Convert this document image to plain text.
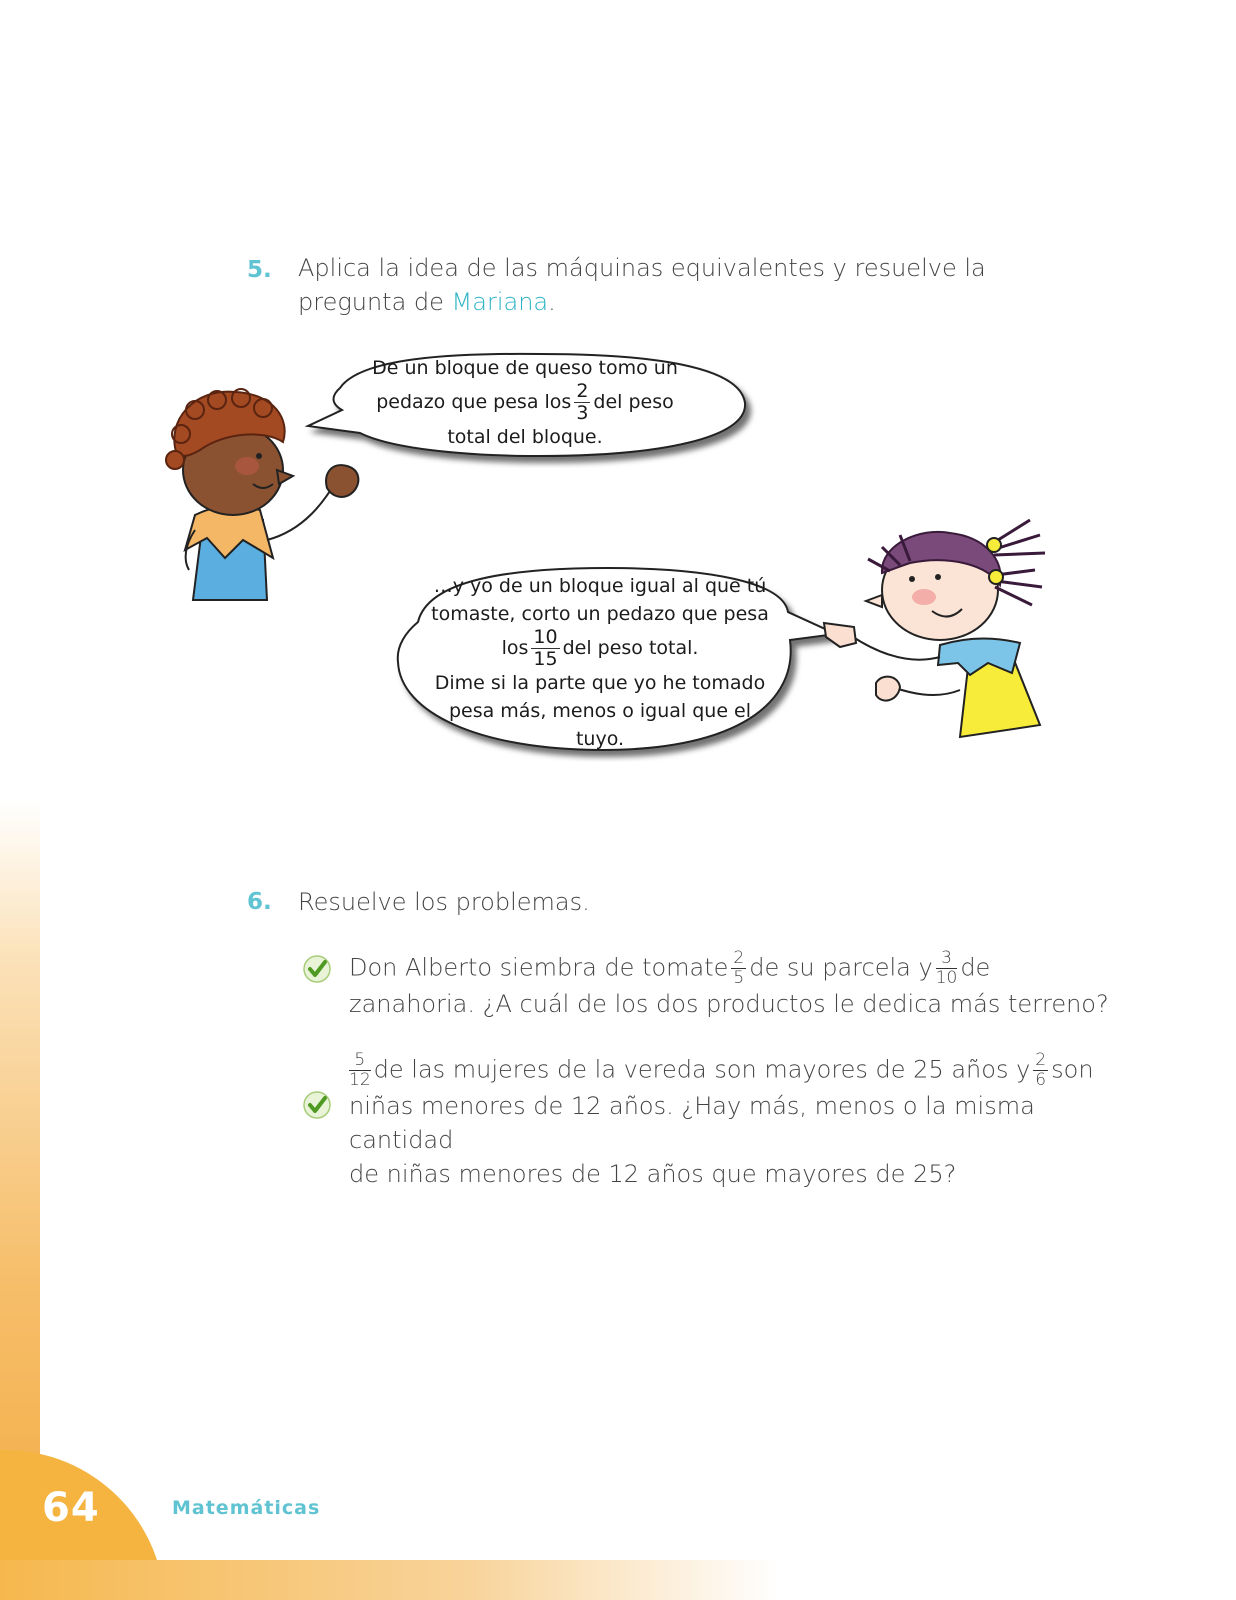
64	Matemáticas
5. Aplica la idea de las máquinas equivalentes y resuelve la
pregunta de Mariana.
De un bloque de queso tomo un
pedazo que pesa los $\frac{2}{3}$ del peso
total del bloque.
…y yo de un bloque igual al que tú
tomaste, corto un pedazo que pesa
los $\frac{10}{15}$ del peso total.
Dime si la parte que yo he tomado
pesa más, menos o igual que el
tuyo.
6. Resuelve los problemas.
Don Alberto siembra de tomate $\frac{2}{5}$ de su parcela y $\frac{3}{10}$ de
zanahoria. ¿A cuál de los dos productos le dedica más terreno?
$\frac{5}{12}$ de las mujeres de la vereda son mayores de 25 años y $\frac{2}{6}$ son
niñas menores de 12 años. ¿Hay más, menos o la misma cantidad
de niñas menores de 12 años que mayores de 25?
